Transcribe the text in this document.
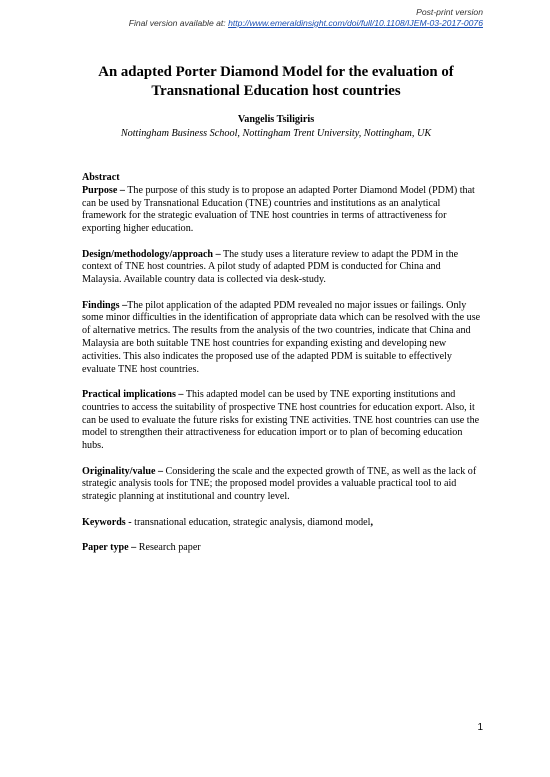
Post-print version
Final version available at: http://www.emeraldinsight.com/doi/full/10.1108/IJEM-03-2017-0076
An adapted Porter Diamond Model for the evaluation of Transnational Education host countries
Vangelis Tsiligiris
Nottingham Business School, Nottingham Trent University, Nottingham, UK
Abstract

Purpose – The purpose of this study is to propose an adapted Porter Diamond Model (PDM) that can be used by Transnational Education (TNE) countries and institutions as an analytical framework for the strategic evaluation of TNE host countries in terms of attractiveness for exporting higher education.

Design/methodology/approach – The study uses a literature review to adapt the PDM in the context of TNE host countries. A pilot study of adapted PDM is conducted for China and Malaysia. Available country data is collected via desk-study.

Findings –The pilot application of the adapted PDM revealed no major issues or failings. Only some minor difficulties in the identification of appropriate data which can be resolved with the use of alternative metrics. The results from the analysis of the two countries, indicate that China and Malaysia are both suitable TNE host countries for expanding existing and developing new activities. This also indicates the proposed use of the adapted PDM is suitable to effectively evaluate TNE host countries.

Practical implications – This adapted model can be used by TNE exporting institutions and countries to access the suitability of prospective TNE host countries for education export. Also, it can be used to evaluate the future risks for existing TNE activities. TNE host countries can use the model to strengthen their attractiveness for education import or to plan of becoming education hubs.

Originality/value – Considering the scale and the expected growth of TNE, as well as the lack of strategic analysis tools for TNE; the proposed model provides a valuable practical tool to aid strategic planning at institutional and country level.

Keywords - transnational education, strategic analysis, diamond model,

Paper type – Research paper

1
